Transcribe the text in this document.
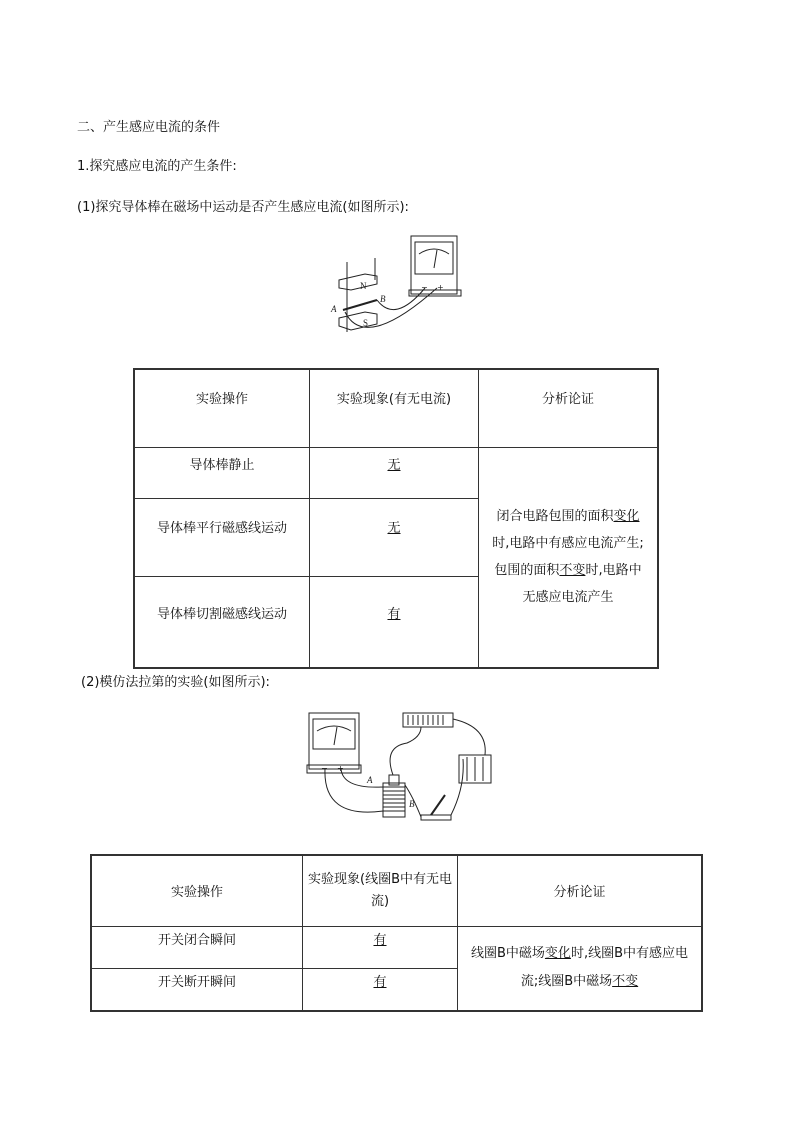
二、产生感应电流的条件
1.探究感应电流的产生条件:
(1)探究导体棒在磁场中运动是否产生感应电流(如图所示):
N
S
A
B
− +
实验操作	实验现象(有无电流)	分析论证
导体棒静止	无	闭合电路包围的面积变化时,电路中有感应电流产生;包围的面积不变时,电路中无感应电流产生
导体棒平行磁感线运动	无	
导体棒切割磁感线运动	有	
(2)模仿法拉第的实验(如图所示):
A
B
− +
实验操作	实验现象(线圈B中有无电流)	分析论证
开关闭合瞬间	有	线圈B中磁场变化时,线圈B中有感应电流;线圈B中磁场不变
开关断开瞬间	有	
